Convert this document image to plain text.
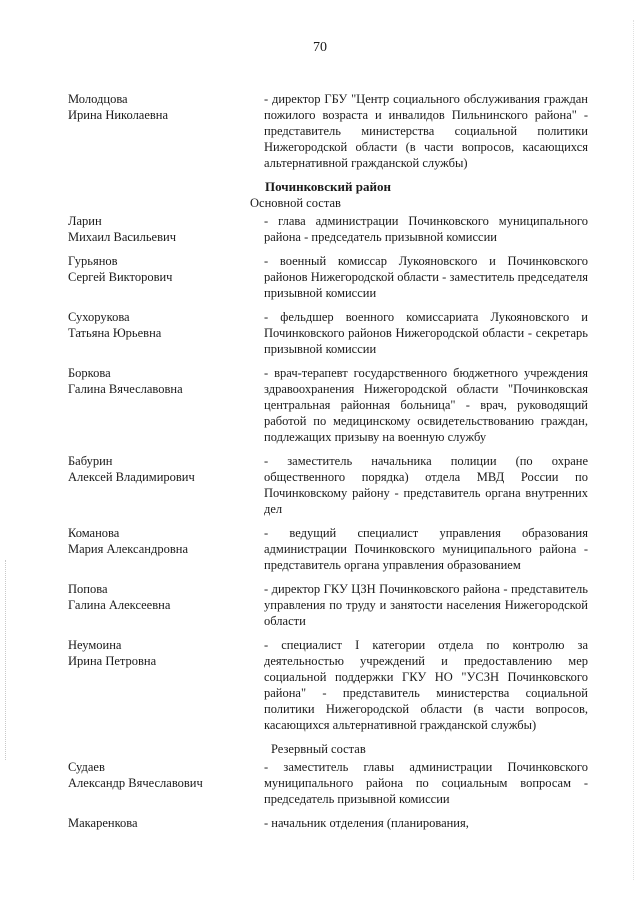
70
Молодцова
Ирина Николаевна
- директор ГБУ "Центр социального обслуживания граждан пожилого возраста и инвалидов Пильнинского района" - представитель министерства социальной политики Нижегородской области (в части вопросов, касающихся альтернативной гражданской службы)
Починковский район
Основной состав
Ларин
Михаил Васильевич
- глава администрации Починковского муниципального района - председатель призывной комиссии
Гурьянов
Сергей Викторович
- военный комиссар Лукояновского и Починковского районов Нижегородской области - заместитель председателя призывной комиссии
Сухорукова
Татьяна Юрьевна
- фельдшер военного комиссариата Лукояновского и Починковского районов Нижегородской области - секретарь призывной комиссии
Боркова
Галина Вячеславовна
- врач-терапевт государственного бюджетного учреждения здравоохранения Нижегородской области "Починковская центральная районная больница" - врач, руководящий работой по медицинскому освидетельствованию граждан, подлежащих призыву на военную службу
Бабурин
Алексей Владимирович
- заместитель начальника полиции (по охране общественного порядка) отдела МВД России по Починковскому району - представитель органа внутренних дел
Команова
Мария Александровна
- ведущий специалист управления образования администрации Починковского муниципального района - представитель органа управления образованием
Попова
Галина Алексеевна
- директор ГКУ ЦЗН Починковского района - представитель управления по труду и занятости населения Нижегородской области
Неумоина
Ирина Петровна
- специалист I категории отдела по контролю за деятельностью учреждений и предоставлению мер социальной поддержки ГКУ НО "УСЗН Починковского района" - представитель министерства социальной политики Нижегородской области (в части вопросов, касающихся альтернативной гражданской службы)
Резервный состав
Судаев
Александр Вячеславович
- заместитель главы администрации Починковского муниципального района по социальным вопросам - председатель призывной комиссии
Макаренкова	- начальник отделения (планирования,
